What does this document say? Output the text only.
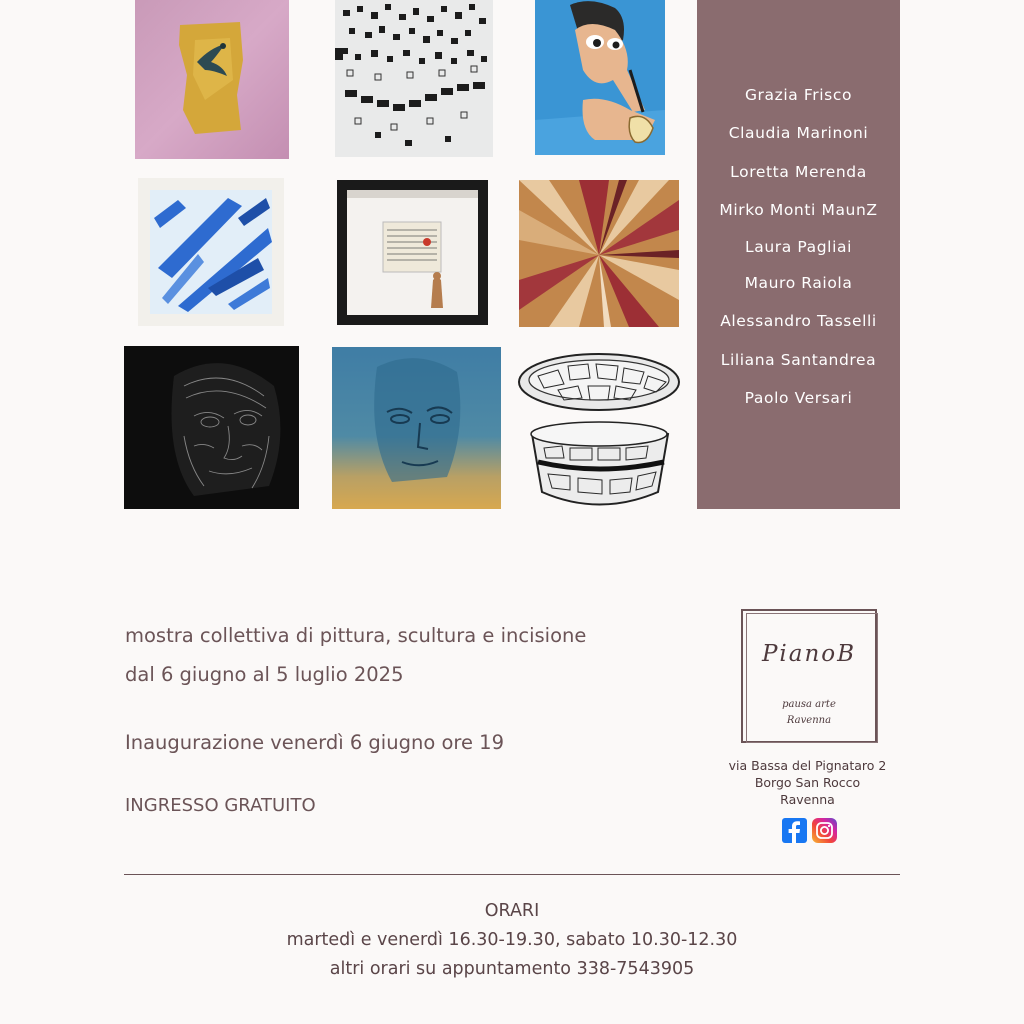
Grazia Frisco
Claudia Marinoni
Loretta Merenda
Mirko Monti MaunZ
Laura Pagliai
Mauro Raiola
Alessandro Tasselli
Liliana Santandrea
Paolo Versari
mostra collettiva di pittura, scultura e incisione
dal 6 giugno al 5 luglio 2025
Inaugurazione venerdì 6 giugno ore 19
INGRESSO GRATUITO
PianoB
pausa arte
Ravenna
via Bassa del Pignataro 2
Borgo San Rocco
Ravenna
ORARI
martedì e venerdì 16.30-19.30, sabato 10.30-12.30
altri orari su appuntamento 338-7543905
